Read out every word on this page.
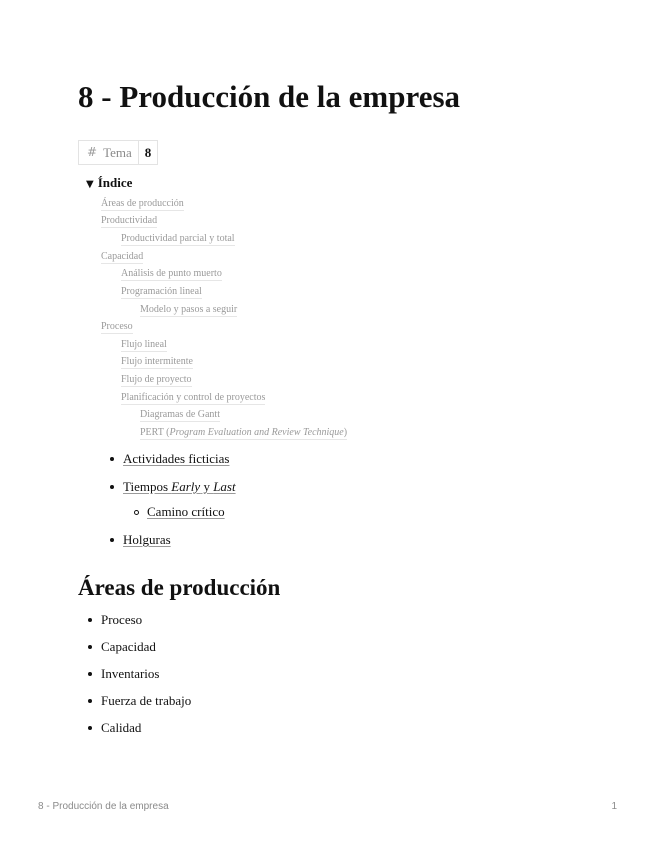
8 - Producción de la empresa
# Tema	8
▼ Índice
Áreas de producción
Productividad
Productividad parcial y total
Capacidad
Análisis de punto muerto
Programación lineal
Modelo y pasos a seguir
Proceso
Flujo lineal
Flujo intermitente
Flujo de proyecto
Planificación y control de proyectos
Diagramas de Gantt
PERT (Program Evaluation and Review Technique)
Actividades ficticias
Tiempos Early y Last
Camino crítico
Holguras
Áreas de producción
Proceso
Capacidad
Inventarios
Fuerza de trabajo
Calidad
8 - Producción de la empresa	1
